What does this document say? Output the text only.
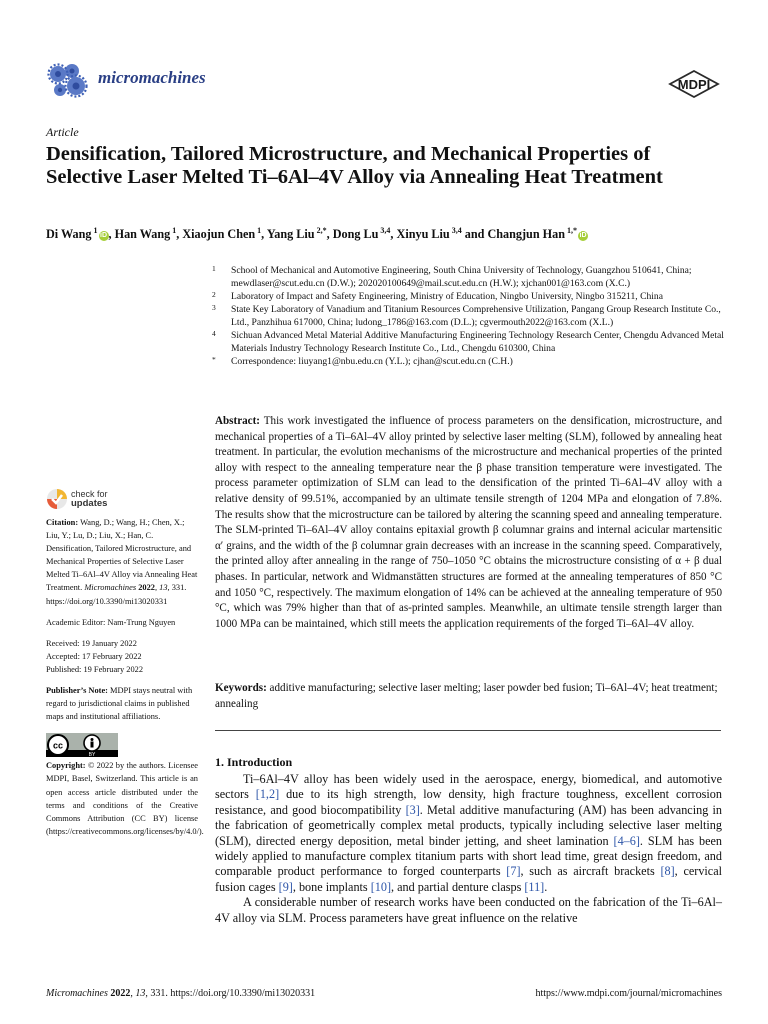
micromachines	MDPI
Article
Densification, Tailored Microstructure, and Mechanical Properties of Selective Laser Melted Ti–6Al–4V Alloy via Annealing Heat Treatment
Di Wang $^1$iD , Han Wang $^1$, Xiaojun Chen $^1$, Yang Liu $^{2,*}$, Dong Lu $^{3,4}$, Xinyu Liu $^{3,4}$ and Changjun Han $^{1,*}$iD
1 School of Mechanical and Automotive Engineering, South China University of Technology, Guangzhou 510641, China; mewdlaser@scut.edu.cn (D.W.); 202020100649@mail.scut.edu.cn (H.W.); xjchan001@163.com (X.C.)
2 Laboratory of Impact and Safety Engineering, Ministry of Education, Ningbo University, Ningbo 315211, China
3 State Key Laboratory of Vanadium and Titanium Resources Comprehensive Utilization, Pangang Group Research Institute Co., Ltd., Panzhihua 617000, China; ludong_1786@163.com (D.L.); cgvermouth2022@163.com (X.L.)
4 Sichuan Advanced Metal Material Additive Manufacturing Engineering Technology Research Center, Chengdu Advanced Metal Materials Industry Technology Research Institute Co., Ltd., Chengdu 610300, China
* Correspondence: liuyang1@nbu.edu.cn (Y.L.); cjhan@scut.edu.cn (C.H.)
check for
updates

Citation: Wang, D.; Wang, H.; Chen, X.; Liu, Y.; Lu, D.; Liu, X.; Han, C. Densification, Tailored Microstructure, and Mechanical Properties of Selective Laser Melted Ti–6Al–4V Alloy via Annealing Heat Treatment. Micromachines 2022, 13, 331. https://doi.org/10.3390/mi13020331

Academic Editor: Nam-Trung Nguyen

Received: 19 January 2022

Accepted: 17 February 2022

Published: 19 February 2022

Publisher’s Note: MDPI stays neutral with regard to jurisdictional claims in published maps and institutional affiliations.

cc
BY

Copyright: © 2022 by the authors. Licensee MDPI, Basel, Switzerland. This article is an open access article distributed under the terms and conditions of the Creative Commons Attribution (CC BY) license (https://creativecommons.org/licenses/by/4.0/).

Abstract: This work investigated the influence of process parameters on the densification, microstructure, and mechanical properties of a Ti–6Al–4V alloy printed by selective laser melting (SLM), followed by annealing heat treatment. In particular, the evolution mechanisms of the microstructure and mechanical properties of the printed alloy with respect to the annealing temperature near the β phase transition temperature were investigated. The process parameter optimization of SLM can lead to the densification of the printed Ti–6Al–4V alloy with a relative density of 99.51%, accompanied by an ultimate tensile strength of 1204 MPa and elongation of 7.8%. The results show that the microstructure can be tailored by altering the scanning speed and annealing temperature. The SLM-printed Ti–6Al–4V alloy contains epitaxial growth β columnar grains and internal acicular martensitic α′ grains, and the width of the β columnar grain decreases with an increase in the scanning speed. Comparatively, the printed alloy after annealing in the range of 750–1050 °C obtains the microstructure consisting of α + β dual phases. In particular, network and Widmanstätten structures are formed at the annealing temperatures of 850 °C and 1050 °C, respectively. The maximum elongation of 14% can be achieved at the annealing temperature of 950 °C, which was 79% higher than that of as-printed samples. Meanwhile, an ultimate tensile strength larger than 1000 MPa can be maintained, which still meets the application requirements of the forged Ti–6Al–4V alloy.
Keywords: additive manufacturing; selective laser melting; laser powder bed fusion; Ti–6Al–4V; heat treatment; annealing
1. Introduction

Ti–6Al–4V alloy has been widely used in the aerospace, energy, biomedical, and automotive sectors [1,2] due to its high strength, low density, high fracture toughness, excellent corrosion resistance, and good biocompatibility [3]. Metal additive manufacturing (AM) has been advancing in the fabrication of geometrically complex metal products, typically including selective laser melting (SLM), directed energy deposition, metal binder jetting, and sheet lamination [4–6]. SLM has been widely applied to manufacture complex titanium parts with short lead time, great design freedom, and comparable product performance to forged counterparts [7], such as aircraft brackets [8], cervical fusion cages [9], bone implants [10], and partial denture clasps [11].

A considerable number of research works have been conducted on the fabrication of the Ti–6Al–4V alloy via SLM. Process parameters have great influence on the relative

Micromachines 2022, 13, 331. https://doi.org/10.3390/mi13020331	https://www.mdpi.com/journal/micromachines
